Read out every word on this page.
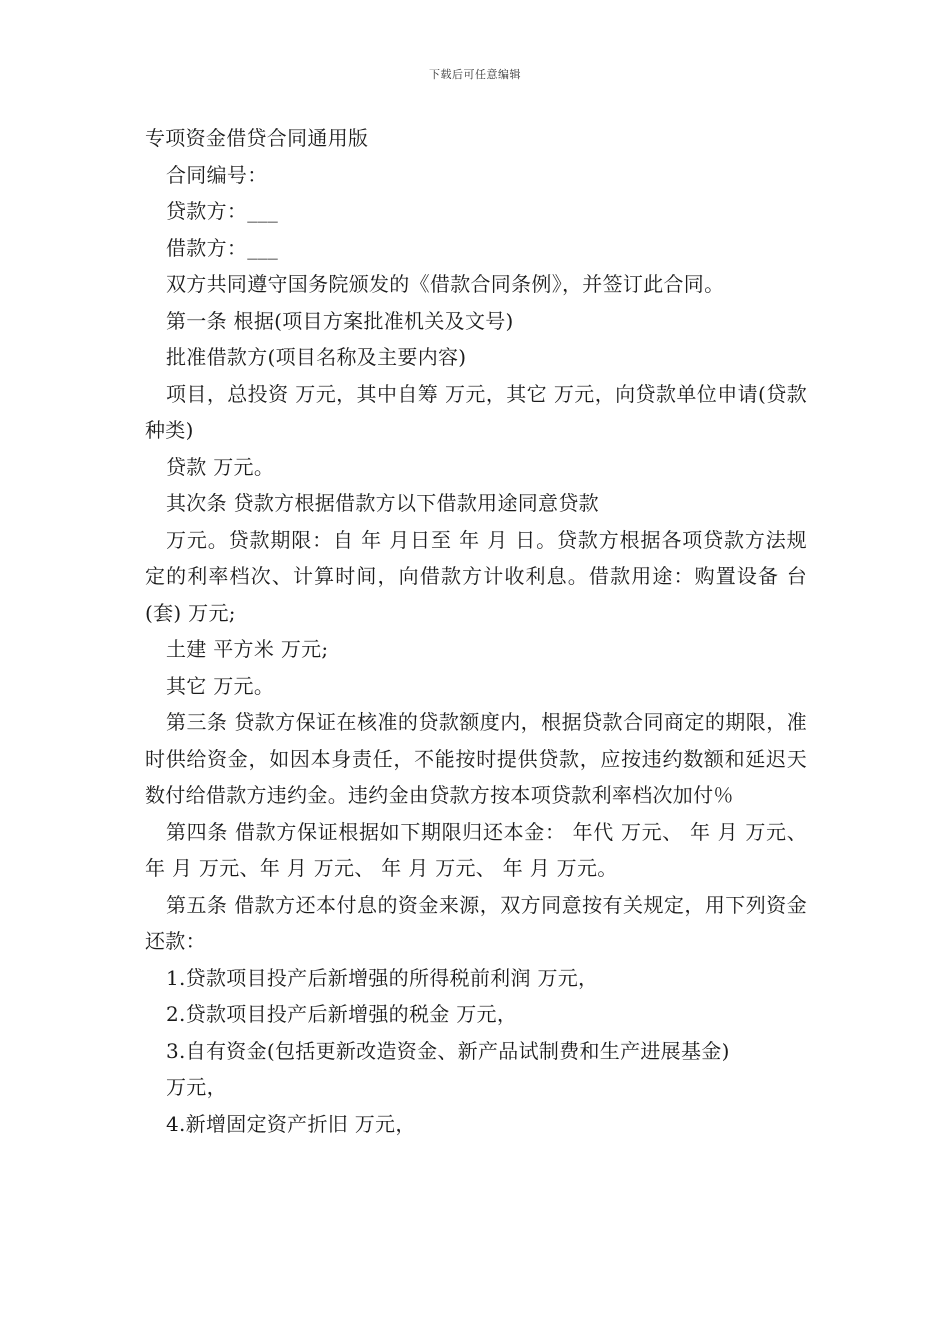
下载后可任意编辑
专项资金借贷合同通用版
合同编号：
贷款方：___
借款方：___
双方共同遵守国务院颁发的《借款合同条例》，并签订此合同。
第一条 根据(项目方案批准机关及文号)
批准借款方(项目名称及主要内容)
项目，总投资 万元，其中自筹 万元，其它 万元，向贷款单位申请(贷款种类)
贷款 万元。
其次条 贷款方根据借款方以下借款用途同意贷款
万元。贷款期限：自 年 月日至 年 月 日。贷款方根据各项贷款方法规定的利率档次、计算时间，向借款方计收利息。借款用途：购置设备 台(套) 万元;
土建 平方米 万元;
其它 万元。
第三条 贷款方保证在核准的贷款额度内，根据贷款合同商定的期限，准时供给资金，如因本身责任，不能按时提供贷款，应按违约数额和延迟天数付给借款方违约金。违约金由贷款方按本项贷款利率档次加付％
第四条 借款方保证根据如下期限归还本金： 年代 万元、 年 月 万元、 年 月 万元、年 月 万元、 年 月 万元、 年 月 万元。
第五条 借款方还本付息的资金来源，双方同意按有关规定，用下列资金还款：
1.贷款项目投产后新增强的所得税前利润 万元，
2.贷款项目投产后新增强的税金 万元，
3.自有资金(包括更新改造资金、新产品试制费和生产进展基金)
万元，
4.新增固定资产折旧 万元，
